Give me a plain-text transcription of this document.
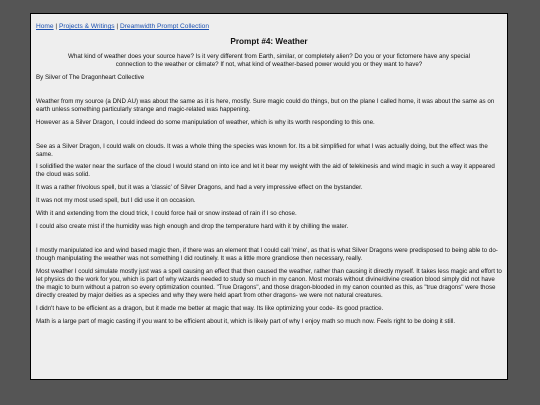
Home | Projects & Writings | Dreamwidth Prompt Collection
Prompt #4: Weather
What kind of weather does your source have? Is it very different from Earth, similar, or completely alien? Do you or your fictomere have any special connection to the weather or climate? If not, what kind of weather-based power would you or they want to have?

By Silver of The Dragonheart Collective

Weather from my source (a DND AU) was about the same as it is here, mostly. Sure magic could do things, but on the plane I called home, it was about the same as on earth unless something particularly strange and magic-related was happening.

However as a Silver Dragon, I could indeed do some manipulation of weather, which is why its worth responding to this one.

See as a Silver Dragon, I could walk on clouds. It was a whole thing the species was known for. Its a bit simplified for what I was actually doing, but the effect was the same.

I solidified the water near the surface of the cloud I would stand on into ice and let it bear my weight with the aid of telekinesis and wind magic in such a way it appeared the cloud was solid.

It was a rather frivolous spell, but it was a 'classic' of Silver Dragons, and had a very impressive effect on the bystander.

It was not my most used spell, but I did use it on occasion.

With it and extending from the cloud trick, I could force hail or snow instead of rain if I so chose.

I could also create mist if the humidity was high enough and drop the temperature hard with it by chilling the water.

I mostly manipulated ice and wind based magic then, if there was an element that I could call 'mine', as that is what Silver Dragons were predisposed to being able to do- though manipulating the weather was not something I did routinely. It was a little more grandiose then necessary, really.

Most weather I could simulate mostly just was a spell causing an effect that then caused the weather, rather than causing it directly myself. It takes less magic and effort to let physics do the work for you, which is part of why wizards needed to study so much in my canon. Most morals without divine/divine creation blood simply did not have the magic to burn without a patron so every optimization counted. "True Dragons", and those dragon-blooded in my canon counted as this, as "true dragons" were those directly created by major deities as a species and why they were held apart from other dragons- we were not natural creatures.

I didn't have to be efficient as a dragon, but it made me better at magic that way. Its like optimizing your code- its good practice.

Math is a large part of magic casting if you want to be efficient about it, which is likely part of why I enjoy math so much now. Feels right to be doing it still.
